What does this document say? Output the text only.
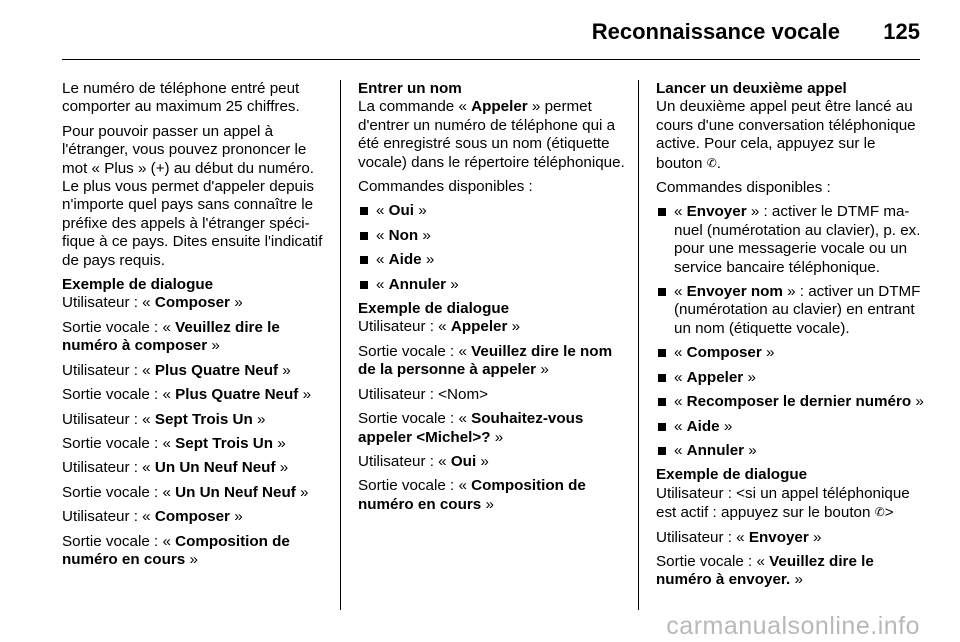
Reconnaissance vocale 125

Le numéro de téléphone entré peut comporter au maximum 25 chiffres.

Pour pouvoir passer un appel à l'étranger, vous pouvez prononcer le mot « Plus » (+) au début du numéro. Le plus vous permet d'appeler depuis n'importe quel pays sans connaître le préfixe des appels à l'étranger spécifique à ce pays. Dites ensuite l'indicatif de pays requis.

Exemple de dialogue

Utilisateur : « Composer »

Sortie vocale : « Veuillez dire le numéro à composer »

Utilisateur : « Plus Quatre Neuf »

Sortie vocale : « Plus Quatre Neuf »

Utilisateur : « Sept Trois Un »

Sortie vocale : « Sept Trois Un »

Utilisateur : « Un Un Neuf Neuf »

Sortie vocale : « Un Un Neuf Neuf »

Utilisateur : « Composer »

Sortie vocale : « Composition de numéro en cours »

Entrer un nom

La commande « Appeler » permet d'entrer un numéro de téléphone qui a été enregistré sous un nom (étiquette vocale) dans le répertoire téléphonique.

Commandes disponibles :

« Oui »
« Non »
« Aide »
« Annuler »

Exemple de dialogue

Utilisateur : « Appeler »

Sortie vocale : « Veuillez dire le nom de la personne à appeler »

Utilisateur : <Nom>

Sortie vocale : « Souhaitez-vous appeler <Michel>? »

Utilisateur : « Oui »

Sortie vocale : « Composition de numéro en cours »

Lancer un deuxième appel

Un deuxième appel peut être lancé au cours d'une conversation téléphonique active. Pour cela, appuyez sur le bouton ✆.

Commandes disponibles :

« Envoyer » : activer le DTMF manuel (numérotation au clavier), p. ex. pour une messagerie vocale ou un service bancaire téléphonique.
« Envoyer nom » : activer un DTMF (numérotation au clavier) en entrant un nom (étiquette vocale).
« Composer »
« Appeler »
« Recomposer le dernier numéro »
« Aide »
« Annuler »

Exemple de dialogue

Utilisateur : <si un appel téléphonique est actif : appuyez sur le bouton ✆>

Utilisateur : « Envoyer »

Sortie vocale : « Veuillez dire le numéro à envoyer. »

carmanualsonline.info
